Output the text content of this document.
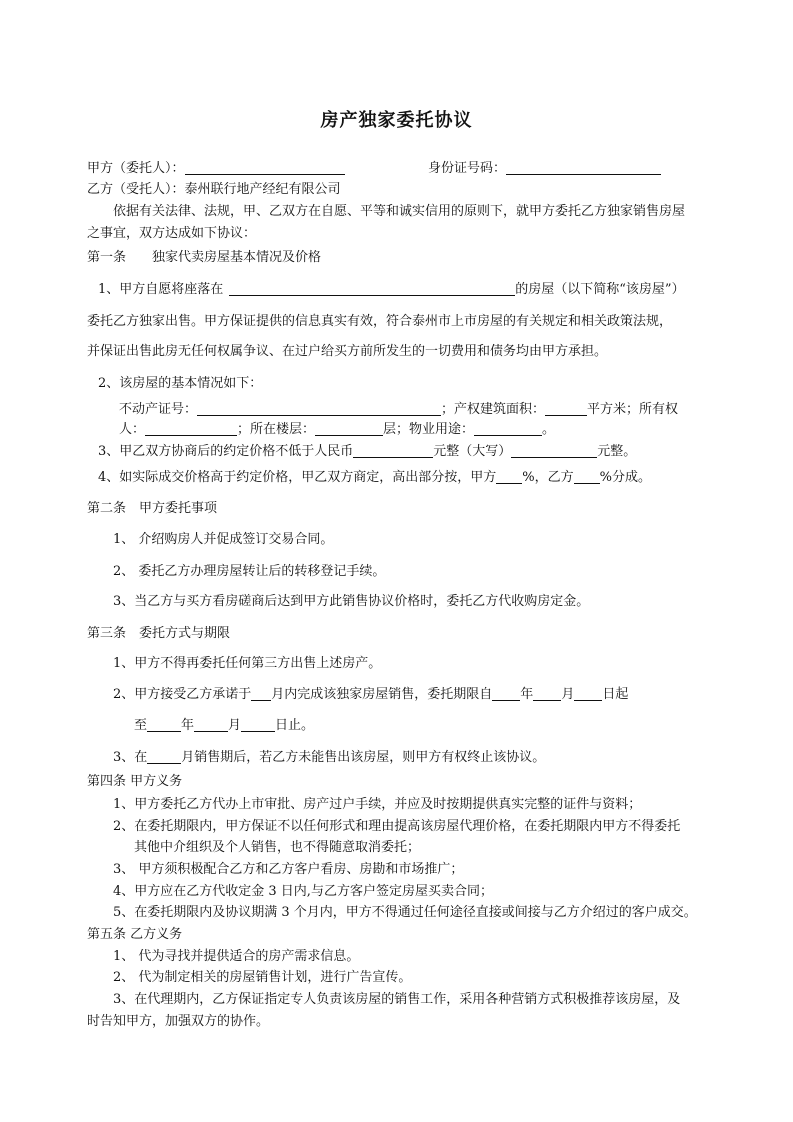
房产独家委托协议
甲方（委托人）：	身份证号码：
乙方（受托人）：泰州联行地产经纪有限公司
依据有关法律、法规，甲、乙双方在自愿、平等和诚实信用的原则下，就甲方委托乙方独家销售房屋
之事宜，双方达成如下协议：
第一条　　独家代卖房屋基本情况及价格
1、甲方自愿将座落在	的房屋（以下简称“该房屋”）
委托乙方独家出售。甲方保证提供的信息真实有效，符合泰州市上市房屋的有关规定和相关政策法规，
并保证出售此房无任何权属争议、在过户给买方前所发生的一切费用和债务均由甲方承担。
2、该房屋的基本情况如下：
不动产证号：	；产权建筑面积：	平方米；所有权
人：	；所在楼层：	层；物业用途：	。
3、甲乙双方协商后的约定价格不低于人民币	元整（大写）	元整。
4、如实际成交价格高于约定价格，甲乙双方商定，高出部分按，甲方 %，乙方 %分成。
第二条　甲方委托事项
1、 介绍购房人并促成签订交易合同。
2、 委托乙方办理房屋转让后的转移登记手续。
3、当乙方与买方看房磋商后达到甲方此销售协议价格时，委托乙方代收购房定金。
第三条　委托方式与期限
1、甲方不得再委托任何第三方出售上述房产。
2、甲方接受乙方承诺于 月内完成该独家房屋销售，委托期限自 年 月 日起
至	年	月	日止。
3、在	月销售期后，若乙方未能售出该房屋，则甲方有权终止该协议。
第四条 甲方义务
1、甲方委托乙方代办上市审批、房产过户手续，并应及时按期提供真实完整的证件与资料；
2、在委托期限内，甲方保证不以任何形式和理由提高该房屋代理价格，在委托期限内甲方不得委托
其他中介组织及个人销售，也不得随意取消委托；
3、 甲方须积极配合乙方和乙方客户看房、房勘和市场推广；
4、甲方应在乙方代收定金 3 日内,与乙方客户签定房屋买卖合同；
5、在委托期限内及协议期满 3 个月内，甲方不得通过任何途径直接或间接与乙方介绍过的客户成交。
第五条 乙方义务
1、 代为寻找并提供适合的房产需求信息。
2、 代为制定相关的房屋销售计划，进行广告宣传。
3、在代理期内，乙方保证指定专人负责该房屋的销售工作，采用各种营销方式积极推荐该房屋，及
时告知甲方，加强双方的协作。
